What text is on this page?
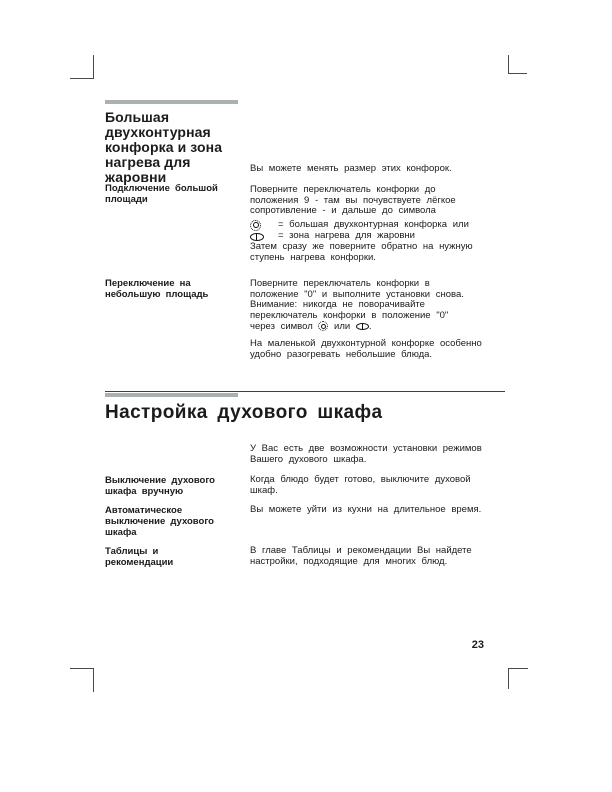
Большая
двухконтурная
конфорка и зона
нагрева для
жаровни
Вы можете менять размер этих конфорок.
Подключение большой
площади
Поверните переключатель конфорки до
положения 9 - там вы почувствуете лёгкое
сопротивление - и дальше до символа
= большая двухконтурная конфорка или
= зона нагрева для жаровни
Затем сразу же поверните обратно на нужную
ступень нагрева конфорки.
Переключение на
небольшую площадь
Поверните переключатель конфорки в
положение "0" и выполните установки снова.
Внимание: никогда не поворачивайте
переключатель конфорки в положение "0"
через символ или .
На маленькой двухконтурной конфорке особенно
удобно разогревать небольшие блюда.
Настройка духового шкафа
У Вас есть две возможности установки режимов
Вашего духового шкафа.
Выключение духового
шкафа вручную
Когда блюдо будет готово, выключите духовой
шкаф.
Автоматическое
выключение духового
шкафа
Вы можете уйти из кухни на длительное время.
Таблицы и
рекомендации
В главе Таблицы и рекомендации Вы найдете
настройки, подходящие для многих блюд.
23
